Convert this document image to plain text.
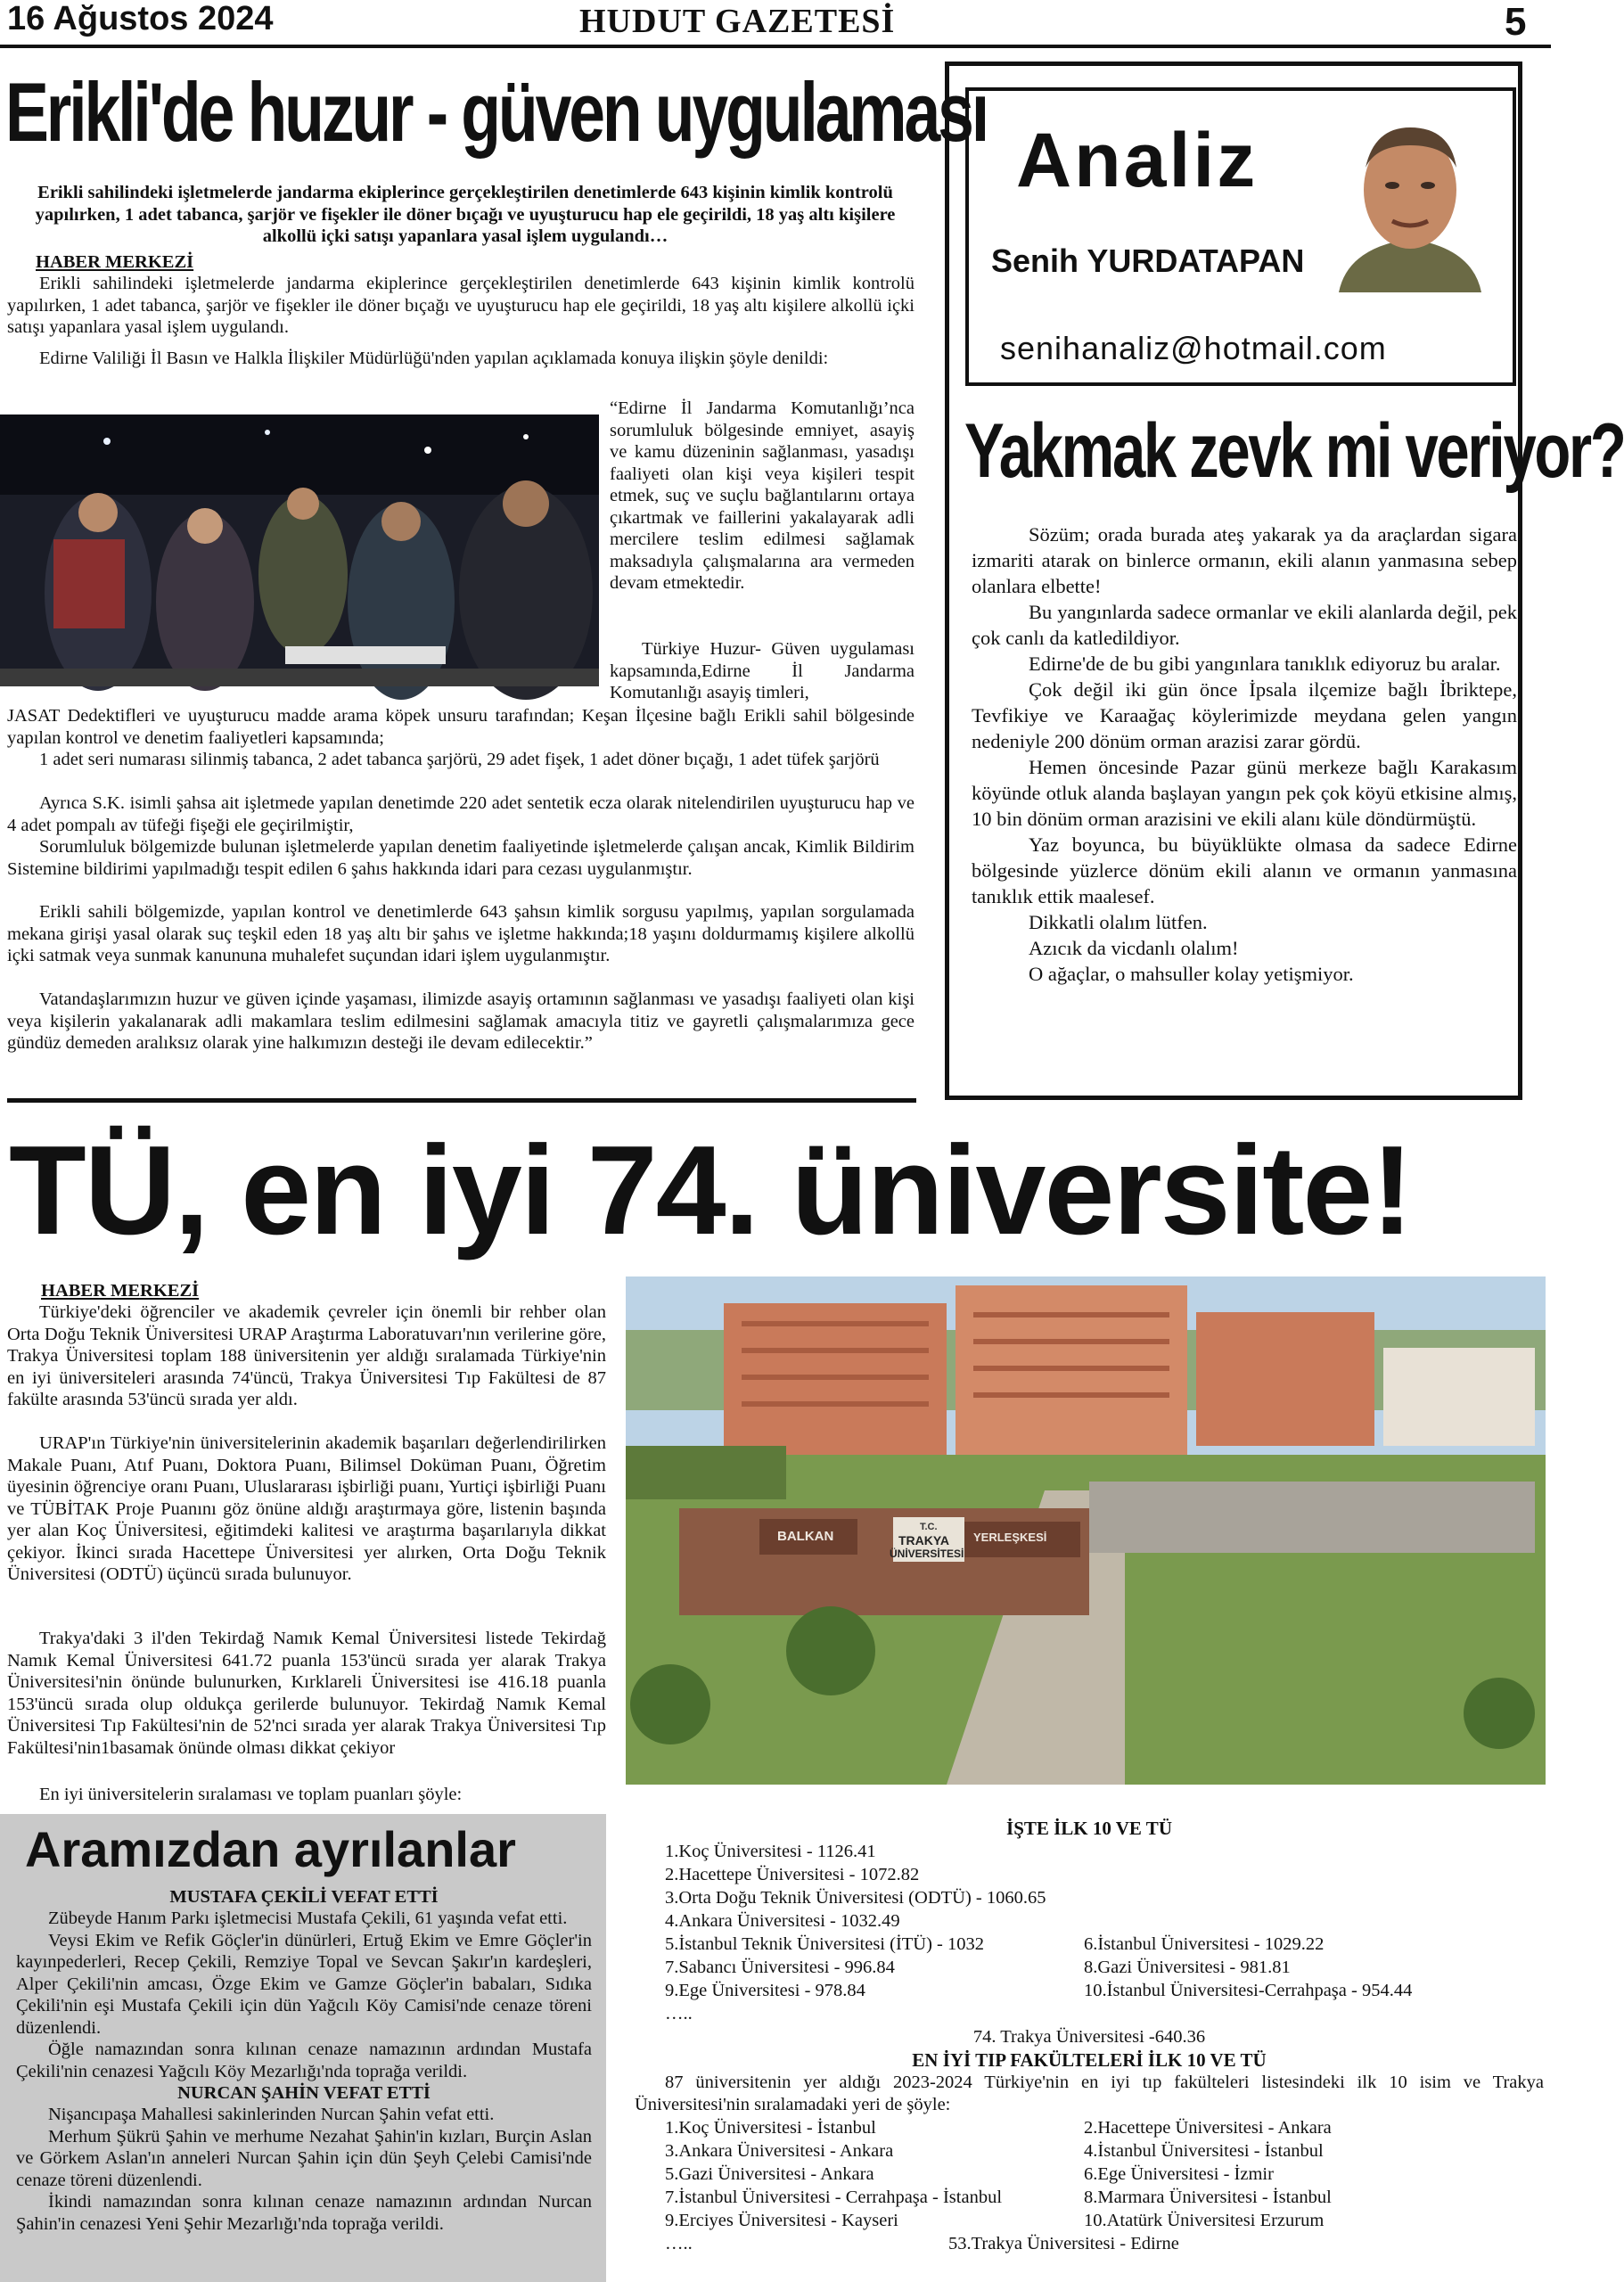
16 Ağustos 2024	HUDUT GAZETESİ	5
Erikli'de huzur - güven uygulaması
Erikli sahilindeki işletmelerde jandarma ekiplerince gerçekleştirilen denetimlerde 643 kişinin kimlik kontrolü yapılırken, 1 adet tabanca, şarjör ve fişekler ile döner bıçağı ve uyuşturucu hap ele geçirildi, 18 yaş altı kişilere alkollü içki satışı yapanlara yasal işlem uygulandı…
HABER MERKEZİ

Erikli sahilindeki işletmelerde jandarma ekiplerince gerçekleştirilen denetimlerde 643 kişinin kimlik kontrolü yapılırken, 1 adet tabanca, şarjör ve fişekler ile döner bıçağı ve uyuşturucu hap ele geçirildi, 18 yaş altı kişilere alkollü içki satışı yapanlara yasal işlem uygulandı.

Edirne Valiliği İl Basın ve Halkla İlişkiler Müdürlüğü'nden yapılan açıklamada konuya ilişkin şöyle denildi:

“Edirne İl Jandarma Komutanlığı’nca sorumluluk bölgesinde emniyet, asayiş ve kamu düzeninin sağlanması, yasadışı faaliyeti olan kişi veya kişileri tespit etmek, suç ve suçlu bağlantılarını ortaya çıkartmak ve faillerini yakalayarak adli mercilere teslim edilmesi sağlamak maksadıyla çalışmalarına ara vermeden devam etmektedir.

Türkiye Huzur- Güven uygulaması kapsamında,Edirne İl Jandarma Komutanlığı asayiş timleri,

JASAT Dedektifleri ve uyuşturucu madde arama köpek unsuru tarafından; Keşan İlçesine bağlı Erikli sahil bölgesinde yapılan kontrol ve denetim faaliyetleri kapsamında;

1 adet seri numarası silinmiş tabanca, 2 adet tabanca şarjörü, 29 adet fişek, 1 adet döner bıçağı, 1 adet tüfek şarjörü

Ayrıca S.K. isimli şahsa ait işletmede yapılan denetimde 220 adet sentetik ecza olarak nitelendirilen uyuşturucu hap ve 4 adet pompalı av tüfeği fişeği ele geçirilmiştir,

Sorumluluk bölgemizde bulunan işletmelerde yapılan denetim faaliyetinde işletmelerde çalışan ancak, Kimlik Bildirim Sistemine bildirimi yapılmadığı tespit edilen 6 şahıs hakkında idari para cezası uygulanmıştır.

Erikli sahili bölgemizde, yapılan kontrol ve denetimlerde 643 şahsın kimlik sorgusu yapılmış, yapılan sorgulamada mekana girişi yasal olarak suç teşkil eden 18 yaş altı bir şahıs ve işletme hakkında;18 yaşını doldurmamış kişilere alkollü içki satmak veya sunmak kanununa muhalefet suçundan idari işlem uygulanmıştır.

Vatandaşlarımızın huzur ve güven içinde yaşaması, ilimizde asayiş ortamının sağlanması ve yasadışı faaliyeti olan kişi veya kişilerin yakalanarak adli makamlara teslim edilmesini sağlamak amacıyla titiz ve gayretli çalışmalarımıza gece gündüz demeden aralıksız olarak yine halkımızın desteği ile devam edilecektir.”

Analiz
Senih YURDATAPAN
senihanaliz@hotmail.com
Yakmak zevk mi veriyor?

Sözüm; orada burada ateş yakarak ya da araçlardan sigara izmariti atarak on binlerce ormanın, ekili alanın yanmasına sebep olanlara elbette!

Bu yangınlarda sadece ormanlar ve ekili alanlarda değil, pek çok canlı da katledildiyor.

Edirne'de de bu gibi yangınlara tanıklık ediyoruz bu aralar.

Çok değil iki gün önce İpsala ilçemize bağlı İbriktepe, Tevfikiye ve Karaağaç köylerimizde meydana gelen yangın nedeniyle 200 dönüm orman arazisi zarar gördü.

Hemen öncesinde Pazar günü merkeze bağlı Karakasım köyünde otluk alanda başlayan yangın pek çok köyü etkisine almış, 10 bin dönüm orman arazisini ve ekili alanı küle döndürmüştü.

Yaz boyunca, bu büyüklükte olmasa da sadece Edirne bölgesinde yüzlerce dönüm ekili alanın ve ormanın yanmasına tanıklık ettik maalesef.

Dikkatli olalım lütfen.

Azıcık da vicdanlı olalım!

O ağaçlar, o mahsuller kolay yetişmiyor.

TÜ, en iyi 74. üniversite!
HABER MERKEZİ

Türkiye'deki öğrenciler ve akademik çevreler için önemli bir rehber olan Orta Doğu Teknik Üniversitesi URAP Araştırma Laboratuvarı'nın verilerine göre, Trakya Üniversitesi toplam 188 üniversitenin yer aldığı sıralamada Türkiye'nin en iyi üniversiteleri arasında 74'üncü, Trakya Üniversitesi Tıp Fakültesi de 87 fakülte arasında 53'üncü sırada yer aldı.

URAP'ın Türkiye'nin üniversitelerinin akademik başarıları değerlendirilirken Makale Puanı, Atıf Puanı, Doktora Puanı, Bilimsel Doküman Puanı, Öğretim üyesinin öğrenciye oranı Puanı, Uluslararası işbirliği puanı, Yurtiçi işbirliği Puanı ve TÜBİTAK Proje Puanını göz önüne aldığı araştırmaya göre, listenin başında yer alan Koç Üniversitesi, eğitimdeki kalitesi ve araştırma başarılarıyla dikkat çekiyor. İkinci sırada Hacettepe Üniversitesi yer alırken, Orta Doğu Teknik Üniversitesi (ODTÜ) üçüncü sırada bulunuyor.

Trakya'daki 3 il'den Tekirdağ Namık Kemal Üniversitesi listede Tekirdağ Namık Kemal Üniversitesi 641.72 puanla 153'üncü sırada yer alarak Trakya Üniversitesi'nin önünde bulunurken, Kırklareli Üniversitesi ise 416.18 puanla 153'üncü sırada olup oldukça gerilerde bulunuyor. Tekirdağ Namık Kemal Üniversitesi Tıp Fakültesi'nin de 52'nci sırada yer alarak Trakya Üniversitesi Tıp Fakültesi'nin1basamak önünde olması dikkat çekiyor

En iyi üniversitelerin sıralaması ve toplam puanları şöyle:

T.C.
TRAKYA
ÜNİVERSİTESİ
BALKAN	YERLEŞKESİ
İŞTE İLK 10 VE TÜ
1.Koç Üniversitesi - 1126.41
2.Hacettepe Üniversitesi - 1072.82
3.Orta Doğu Teknik Üniversitesi (ODTÜ) - 1060.65
4.Ankara Üniversitesi - 1032.49
5.İstanbul Teknik Üniversitesi (İTÜ) - 1032	6.İstanbul Üniversitesi - 1029.22
7.Sabancı Üniversitesi - 996.84	8.Gazi Üniversitesi - 981.81
9.Ege Üniversitesi - 978.84	10.İstanbul Üniversitesi-Cerrahpaşa - 954.44
…..
74. Trakya Üniversitesi -640.36
EN İYİ TIP FAKÜLTELERİ İLK 10 VE TÜ
87 üniversitenin yer aldığı 2023-2024 Türkiye'nin en iyi tıp fakülteleri listesindeki ilk 10 isim ve Trakya Üniversitesi'nin sıralamadaki yeri de şöyle:
1.Koç Üniversitesi - İstanbul	2.Hacettepe Üniversitesi - Ankara
3.Ankara Üniversitesi - Ankara	4.İstanbul Üniversitesi - İstanbul
5.Gazi Üniversitesi - Ankara	6.Ege Üniversitesi - İzmir
7.İstanbul Üniversitesi - Cerrahpaşa - İstanbul	8.Marmara Üniversitesi - İstanbul
9.Erciyes Üniversitesi - Kayseri	10.Atatürk Üniversitesi Erzurum
…..	53.Trakya Üniversitesi - Edirne
Aramızdan ayrılanlar
MUSTAFA ÇEKİLİ VEFAT ETTİ

Zübeyde Hanım Parkı işletmecisi Mustafa Çekili, 61 yaşında vefat etti.

Veysi Ekim ve Refik Göçler'in dünürleri, Ertuğ Ekim ve Emre Göçler'in kayınpederleri, Recep Çekili, Remziye Topal ve Sevcan Şakır'ın kardeşleri, Alper Çekili'nin amcası, Özge Ekim ve Gamze Göçler'in babaları, Sıdıka Çekili'nin eşi Mustafa Çekili için dün Yağcılı Köy Camisi'nde cenaze töreni düzenlendi.

Öğle namazından sonra kılınan cenaze namazının ardından Mustafa Çekili'nin cenazesi Yağcılı Köy Mezarlığı'nda toprağa verildi.

NURCAN ŞAHİN VEFAT ETTİ

Nişancıpaşa Mahallesi sakinlerinden Nurcan Şahin vefat etti.

Merhum Şükrü Şahin ve merhume Nezahat Şahin'in kızları, Burçin Aslan ve Görkem Aslan'ın anneleri Nurcan Şahin için dün Şeyh Çelebi Camisi'nde cenaze töreni düzenlendi.

İkindi namazından sonra kılınan cenaze namazının ardından Nurcan Şahin'in cenazesi Yeni Şehir Mezarlığı'nda toprağa verildi.
